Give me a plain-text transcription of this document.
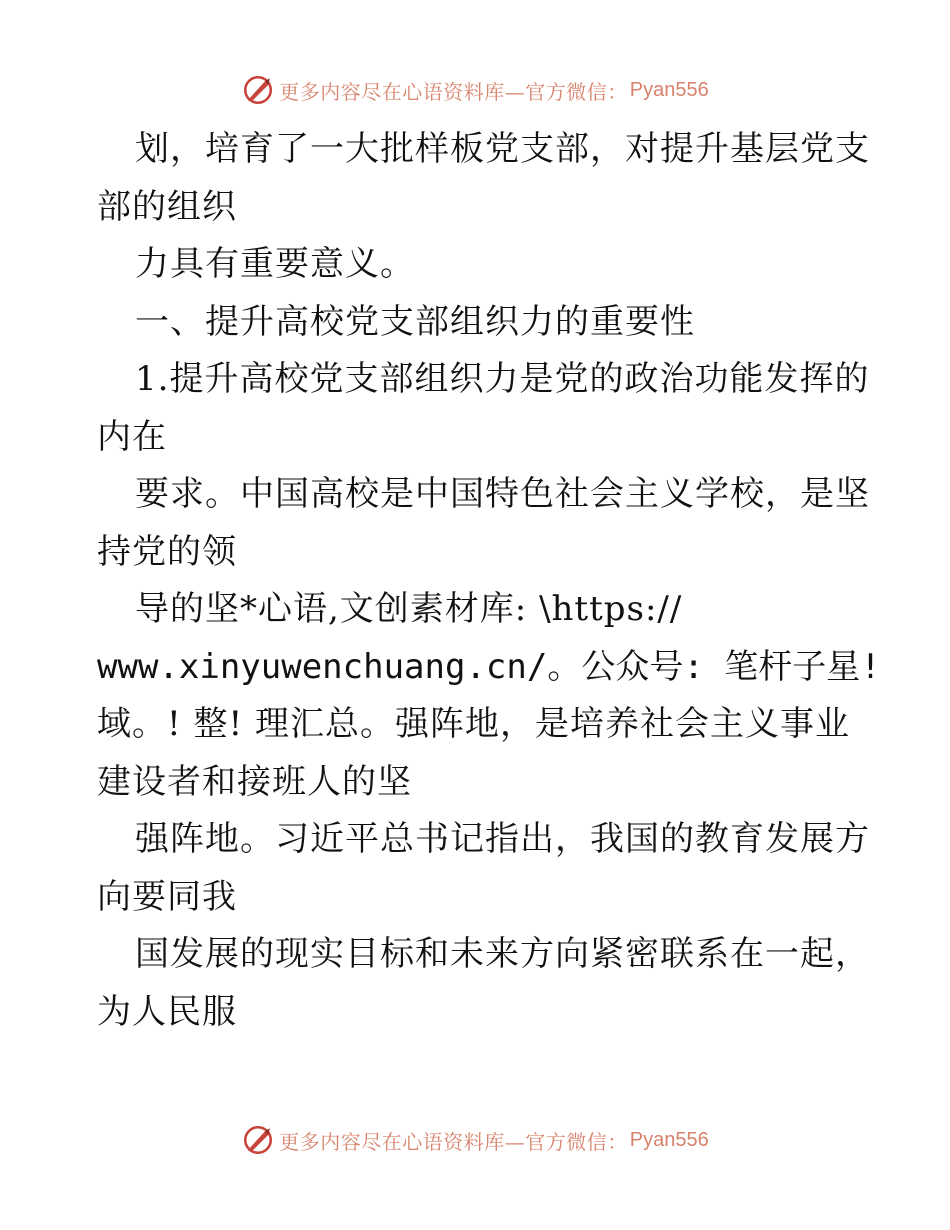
更多内容尽在心语资料库—官方微信： Pyan556
划，培育了一大批样板党支部，对提升基层党支
部的组织
力具有重要意义。
一、提升高校党支部组织力的重要性
1.提升高校党支部组织力是党的政治功能发挥的
内在
要求。中国高校是中国特色社会主义学校，是坚
持党的领
导的坚*心语,文创素材库: \https://
www.xinyuwenchuang.cn/。公众号: 笔杆子星!
域。! 整! 理汇总。强阵地，是培养社会主义事业
建设者和接班人的坚
强阵地。习近平总书记指出，我国的教育发展方
向要同我
国发展的现实目标和未来方向紧密联系在一起，
为人民服
更多内容尽在心语资料库—官方微信： Pyan556
